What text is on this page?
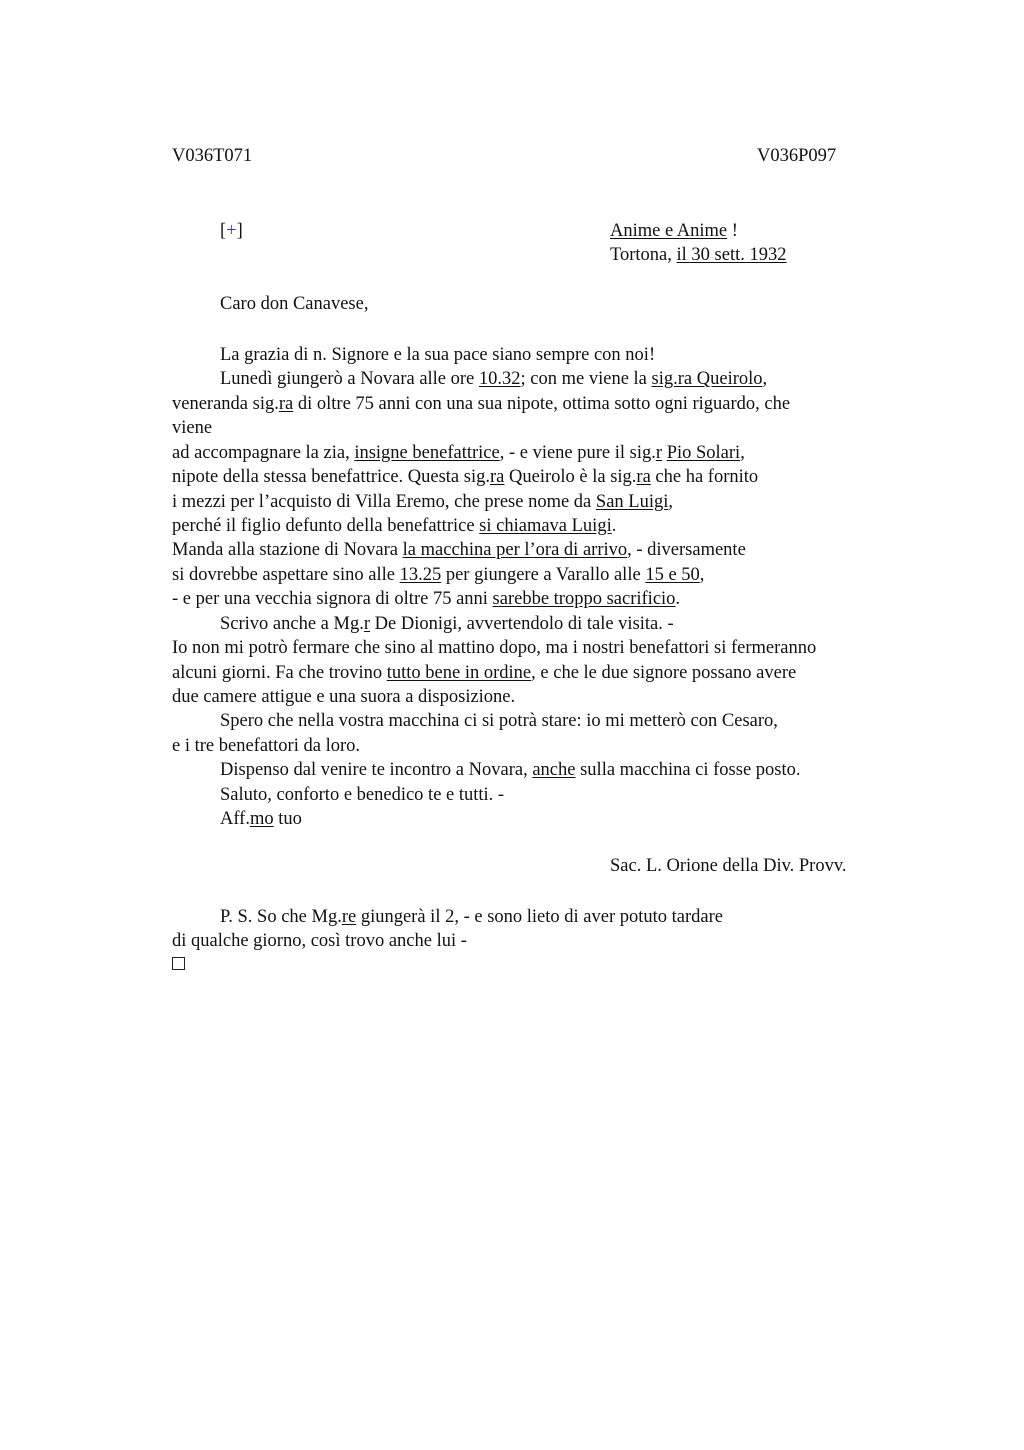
V036T071	V036P097
[+]	Anime e Anime !
Tortona, il 30 sett. 1932
Caro don Canavese,
La grazia di n. Signore e la sua pace siano sempre con noi!
Lunedì giungerò a Novara alle ore 10.32; con me viene la sig.ra Queirolo,
veneranda sig.ra di oltre 75 anni con una sua nipote, ottima sotto ogni riguardo, che
viene
ad accompagnare la zia, insigne benefattrice, - e viene pure il sig.r Pio Solari,
nipote della stessa benefattrice. Questa sig.ra Queirolo è la sig.ra che ha fornito
i mezzi per l’acquisto di Villa Eremo, che prese nome da San Luigi,
perché il figlio defunto della benefattrice si chiamava Luigi.
Manda alla stazione di Novara la macchina per l’ora di arrivo, - diversamente
si dovrebbe aspettare sino alle 13.25 per giungere a Varallo alle 15 e 50,
- e per una vecchia signora di oltre 75 anni sarebbe troppo sacrificio.
Scrivo anche a Mg.r De Dionigi, avvertendolo di tale visita. -
Io non mi potrò fermare che sino al mattino dopo, ma i nostri benefattori si fermeranno
alcuni giorni. Fa che trovino tutto bene in ordine, e che le due signore possano avere
due camere attigue e una suora a disposizione.
Spero che nella vostra macchina ci si potrà stare: io mi metterò con Cesaro,
e i tre benefattori da loro.
Dispenso dal venire te incontro a Novara, anche sulla macchina ci fosse posto.
Saluto, conforto e benedico te e tutti. -
Aff.mo tuo
Sac. L. Orione della Div. Provv.
P. S. So che Mg.re giungerà il 2, - e sono lieto di aver potuto tardare
di qualche giorno, così trovo anche lui -
